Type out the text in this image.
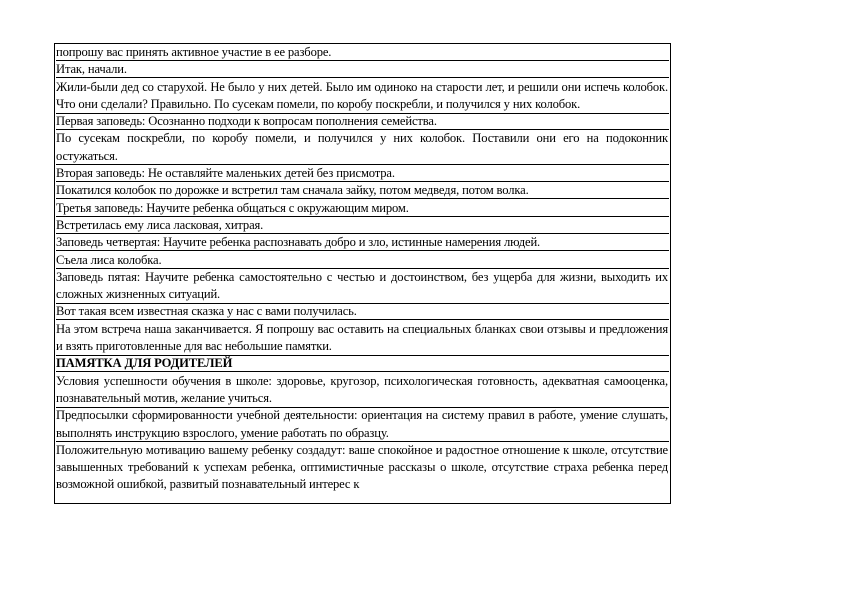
попрошу вас принять активное участие в ее разборе.

Итак, начали.

Жили-были дед со старухой. Не было у них детей. Было им одиноко на старости лет, и решили они испечь колобок. Что они сделали? Правильно. По сусекам помели, по коробу поскребли, и получился у них колобок.

Первая заповедь: Осознанно подходи к вопросам пополнения семейства.

По сусекам поскребли, по коробу помели, и получился у них колобок. Поставили они его на подоконник остужаться.

Вторая заповедь: Не оставляйте маленьких детей без присмотра.

Покатился колобок по дорожке и встретил там сначала зайку, потом медведя, потом волка.

Третья заповедь: Научите ребенка общаться с окружающим миром.

Встретилась ему лиса ласковая, хитрая.

Заповедь четвертая: Научите ребенка распознавать добро и зло, истинные намерения людей.

Съела лиса колобка.

Заповедь пятая: Научите ребенка самостоятельно с честью и достоинством, без ущерба для жизни, выходить их сложных жизненных ситуаций.

Вот такая всем известная сказка у нас с вами получилась.

На этом встреча наша заканчивается. Я попрошу вас оставить на специальных бланках свои отзывы и предложения и взять приготовленные для вас небольшие памятки.

ПАМЯТКА ДЛЯ РОДИТЕЛЕЙ

Условия успешности обучения в школе: здоровье, кругозор, психологическая готовность, адекватная самооценка, познавательный мотив, желание учиться.

Предпосылки сформированности учебной деятельности: ориентация на систему правил в работе, умение слушать, выполнять инструкцию взрослого, умение работать по образцу.

Положительную мотивацию вашему ребенку создадут: ваше спокойное и радостное отношение к школе, отсутствие завышенных требований к успехам ребенка, оптимистичные рассказы о школе, отсутствие страха ребенка перед возможной ошибкой, развитый познавательный интерес к
